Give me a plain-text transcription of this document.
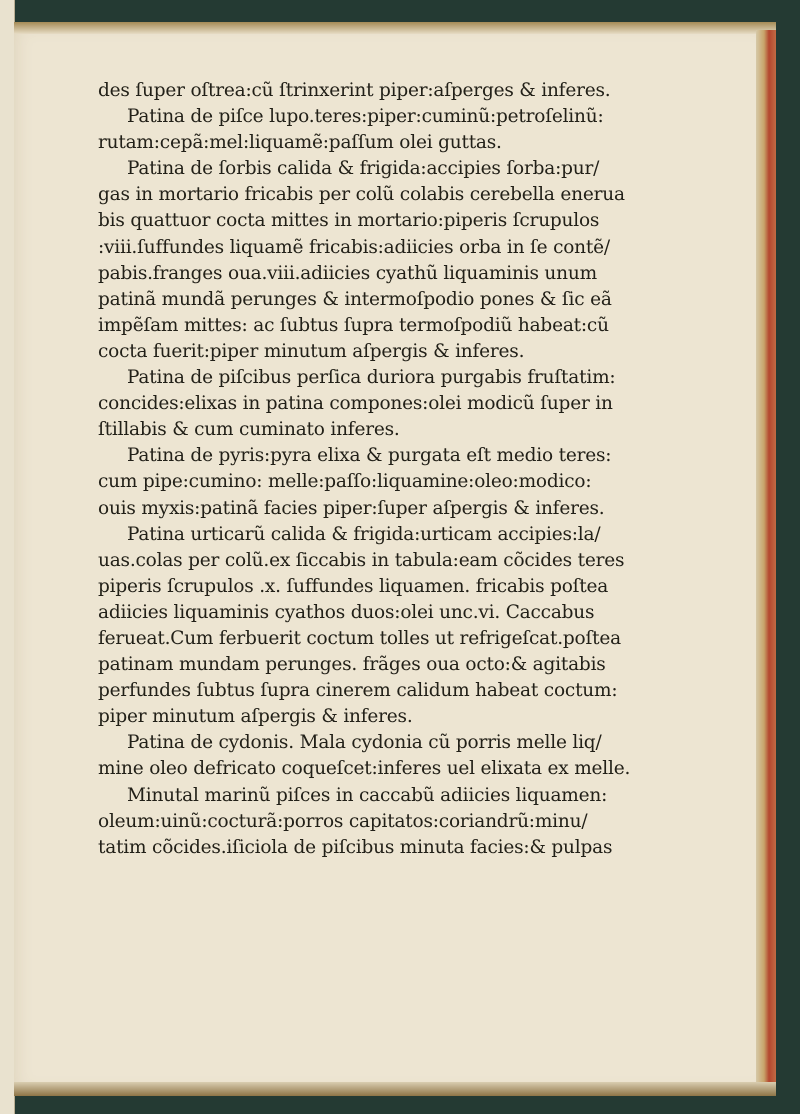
des ſuper oſtrea:cũ ſtrinxerint piper:aſperges & inferes.
Patina de piſce lupo.teres:piper:cuminũ:petroſelinũ:
rutam:cepã:mel:liquamẽ:paſſum olei guttas.
Patina de ſorbis calida & frigida:accipies ſorba:pur/
gas in mortario fricabis per colũ colabis cerebella enerua
bis quattuor cocta mittes in mortario:piperis ſcrupulos
:viii.ſuffundes liquamẽ fricabis:adiicies orba in ſe contẽ/
pabis.franges oua.viii.adiicies cyathũ liquaminis unum
patinã mundã perunges & intermoſpodio pones & ſic eã
impẽſam mittes: ac ſubtus ſupra termoſpodiũ habeat:cũ
cocta fuerit:piper minutum aſpergis & inferes.
Patina de piſcibus perſica duriora purgabis fruſtatim:
concides:elixas in patina compones:olei modicũ ſuper in
ſtillabis & cum cuminato inferes.
Patina de pyris:pyra elixa & purgata eſt medio teres:
cum pipe:cumino: melle:paſſo:liquamine:oleo:modico:
ouis myxis:patinã facies piper:ſuper aſpergis & inferes.
Patina urticarũ calida & frigida:urticam accipies:la/
uas.colas per colũ.ex ſiccabis in tabula:eam cõcides teres
piperis ſcrupulos .x. ſuffundes liquamen. fricabis poſtea
adiicies liquaminis cyathos duos:olei unc.vi. Caccabus
ferueat.Cum ferbuerit coctum tolles ut refrigeſcat.poſtea
patinam mundam perunges. frãges oua octo:& agitabis
perfundes ſubtus ſupra cinerem calidum habeat coctum:
piper minutum aſpergis & inferes.
Patina de cydonis. Mala cydonia cũ porris melle liq/
mine oleo defricato coqueſcet:inferes uel elixata ex melle.
Minutal marinũ piſces in caccabũ adiicies liquamen:
oleum:uinũ:cocturã:porros capitatos:coriandrũ:minu/
tatim cõcides.iſiciola de piſcibus minuta facies:& pulpas
